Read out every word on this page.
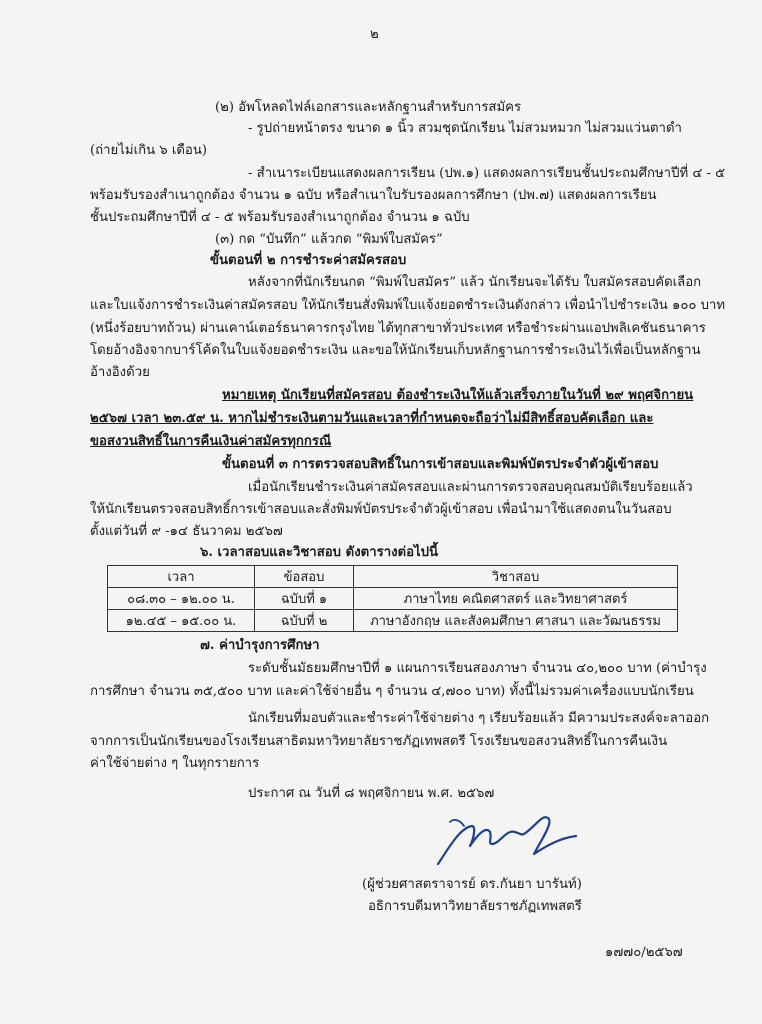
๒
(๒) อัพโหลดไฟล์เอกสารและหลักฐานสำหรับการสมัคร
- รูปถ่ายหน้าตรง ขนาด ๑ นิ้ว สวมชุดนักเรียน ไม่สวมหมวก ไม่สวมแว่นตาดำ
(ถ่ายไม่เกิน ๖ เดือน)
- สำเนาระเบียนแสดงผลการเรียน (ปพ.๑) แสดงผลการเรียนชั้นประถมศึกษาปีที่ ๔ - ๕
พร้อมรับรองสำเนาถูกต้อง จำนวน ๑ ฉบับ หรือสำเนาใบรับรองผลการศึกษา (ปพ.๗) แสดงผลการเรียน
ชั้นประถมศึกษาปีที่ ๔ - ๕ พร้อมรับรองสำเนาถูกต้อง จำนวน ๑ ฉบับ
(๓) กด “บันทึก” แล้วกด “พิมพ์ใบสมัคร”
ขั้นตอนที่ ๒ การชำระค่าสมัครสอบ
หลังจากที่นักเรียนกด “พิมพ์ใบสมัคร” แล้ว นักเรียนจะได้รับ ใบสมัครสอบคัดเลือก
และใบแจ้งการชำระเงินค่าสมัครสอบ ให้นักเรียนสั่งพิมพ์ใบแจ้งยอดชำระเงินดังกล่าว เพื่อนำไปชำระเงิน ๑๐๐ บาท
(หนึ่งร้อยบาทถ้วน) ผ่านเคาน์เตอร์ธนาคารกรุงไทย ได้ทุกสาขาทั่วประเทศ หรือชำระผ่านแอปพลิเคชันธนาคาร
โดยอ้างอิงจากบาร์โค้ดในใบแจ้งยอดชำระเงิน และขอให้นักเรียนเก็บหลักฐานการชำระเงินไว้เพื่อเป็นหลักฐาน
อ้างอิงด้วย
หมายเหตุ นักเรียนที่สมัครสอบ ต้องชำระเงินให้แล้วเสร็จภายในวันที่ ๒๙ พฤศจิกายน
๒๕๖๗ เวลา ๒๓.๕๙ น. หากไม่ชำระเงินตามวันและเวลาที่กำหนดจะถือว่าไม่มีสิทธิ์สอบคัดเลือก และ
ขอสงวนสิทธิ์ในการคืนเงินค่าสมัครทุกกรณี
ขั้นตอนที่ ๓ การตรวจสอบสิทธิ์ในการเข้าสอบและพิมพ์บัตรประจำตัวผู้เข้าสอบ
เมื่อนักเรียนชำระเงินค่าสมัครสอบและผ่านการตรวจสอบคุณสมบัติเรียบร้อยแล้ว
ให้นักเรียนตรวจสอบสิทธิ์การเข้าสอบและสั่งพิมพ์บัตรประจำตัวผู้เข้าสอบ เพื่อนำมาใช้แสดงตนในวันสอบ
ตั้งแต่วันที่ ๙ -๑๔ ธันวาคม ๒๕๖๗
๖. เวลาสอบและวิชาสอบ ดังตารางต่อไปนี้
เวลา	ข้อสอบ	วิชาสอบ
๐๘.๓๐ – ๑๒.๐๐ น.	ฉบับที่ ๑	ภาษาไทย คณิตศาสตร์ และวิทยาศาสตร์
๑๒.๔๕ – ๑๕.๐๐ น.	ฉบับที่ ๒	ภาษาอังกฤษ และสังคมศึกษา ศาสนา และวัฒนธรรม
๗. ค่าบำรุงการศึกษา
ระดับชั้นมัธยมศึกษาปีที่ ๑ แผนการเรียนสองภาษา จำนวน ๔๐,๒๐๐ บาท (ค่าบำรุง
การศึกษา จำนวน ๓๕,๕๐๐ บาท และค่าใช้จ่ายอื่น ๆ จำนวน ๔,๗๐๐ บาท) ทั้งนี้ไม่รวมค่าเครื่องแบบนักเรียน
นักเรียนที่มอบตัวและชำระค่าใช้จ่ายต่าง ๆ เรียบร้อยแล้ว มีความประสงค์จะลาออก
จากการเป็นนักเรียนของโรงเรียนสาธิตมหาวิทยาลัยราชภัฏเทพสตรี โรงเรียนขอสงวนสิทธิ์ในการคืนเงิน
ค่าใช้จ่ายต่าง ๆ ในทุกรายการ
ประกาศ ณ วันที่ ๘ พฤศจิกายน พ.ศ. ๒๕๖๗
(ผู้ช่วยศาสตราจารย์ ดร.กันยา บารันท์)
อธิการบดีมหาวิทยาลัยราชภัฏเทพสตรี
๑๗๗๐/๒๕๖๗
